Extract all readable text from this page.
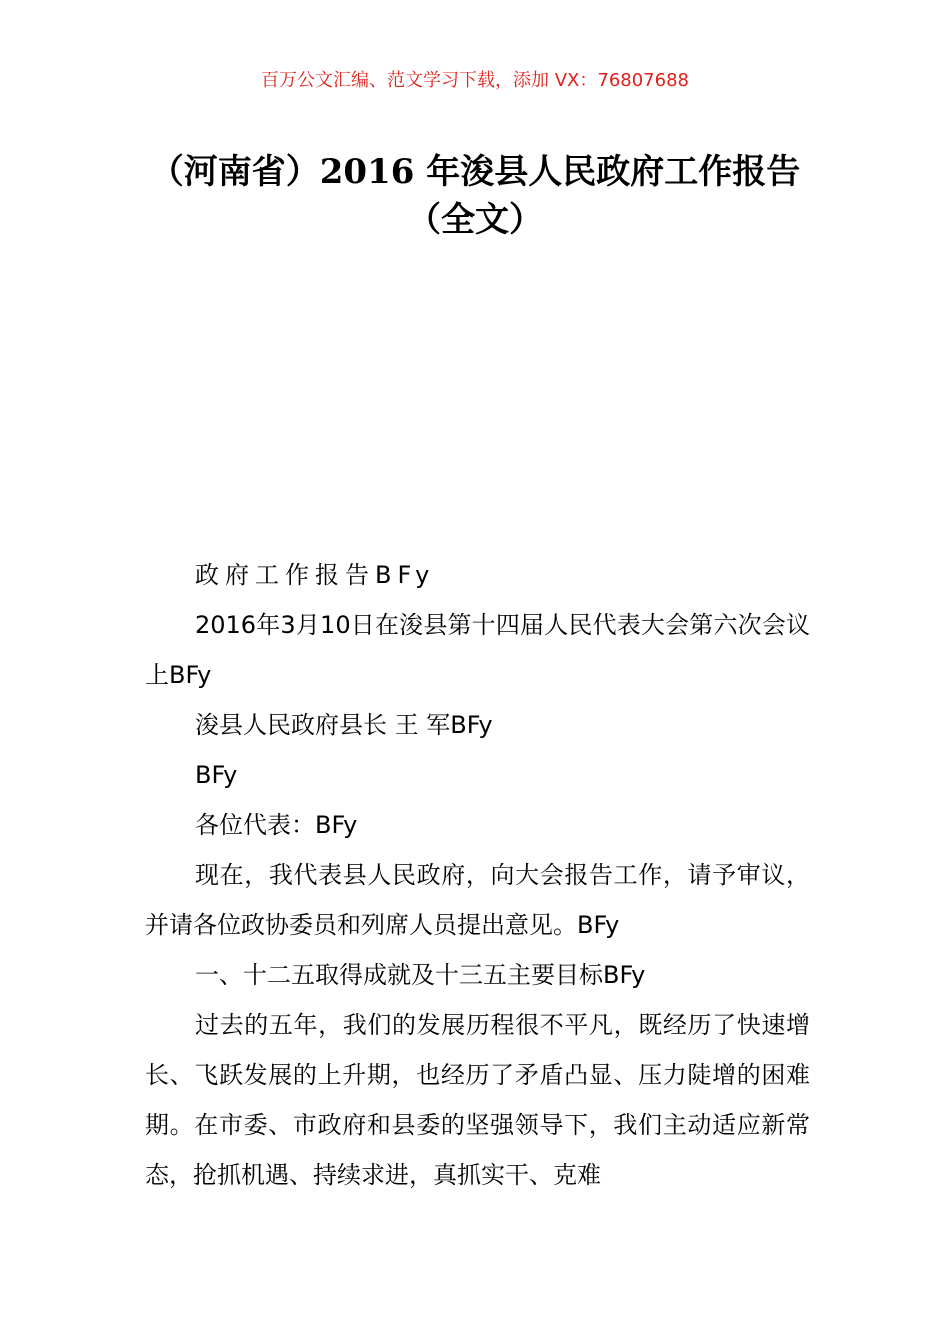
百万公文汇编、范文学习下载，添加 VX：76807688
（河南省）2016 年浚县人民政府工作报告
（全文）

政府工作报告BFy

2016年3月10日在浚县第十四届人民代表大会第六次会议上BFy

浚县人民政府县长 王 军BFy

BFy

各位代表：BFy

现在，我代表县人民政府，向大会报告工作，请予审议，并请各位政协委员和列席人员提出意见。BFy

一、十二五取得成就及十三五主要目标BFy

过去的五年，我们的发展历程很不平凡，既经历了快速增长、飞跃发展的上升期，也经历了矛盾凸显、压力陡增的困难期。在市委、市政府和县委的坚强领导下，我们主动适应新常态，抢抓机遇、持续求进，真抓实干、克难
